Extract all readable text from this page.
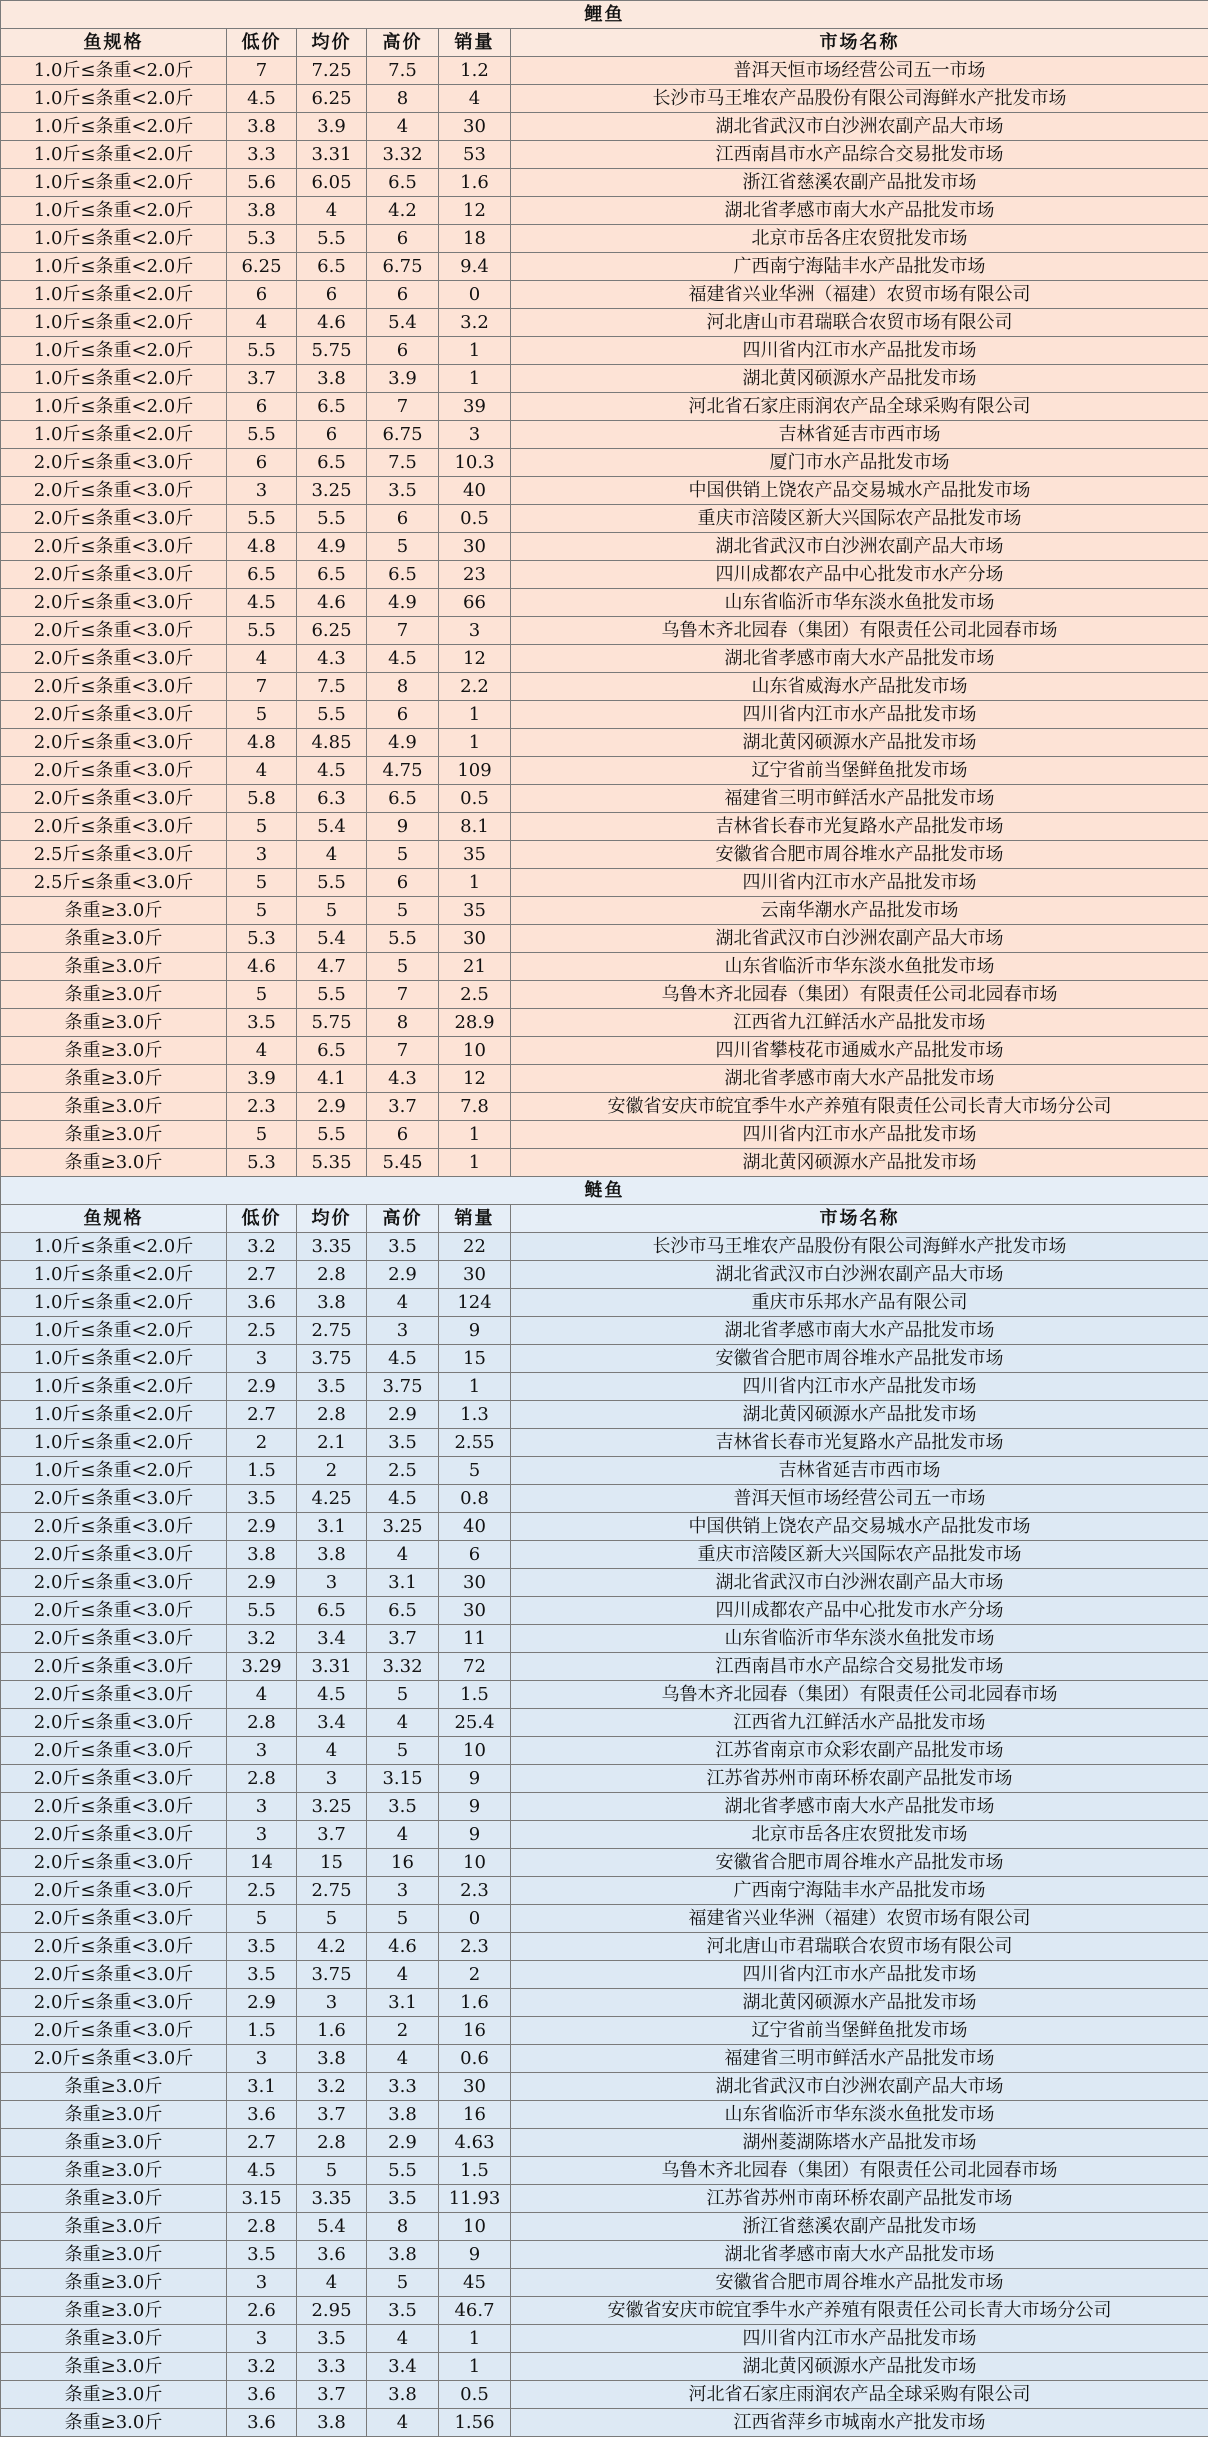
鲤鱼					
鱼规格	低价	均价	高价	销量	市场名称
1.0斤≤条重<2.0斤	7	7.25	7.5	1.2	普洱天恒市场经营公司五一市场
1.0斤≤条重<2.0斤	4.5	6.25	8	4	长沙市马王堆农产品股份有限公司海鲜水产批发市场
1.0斤≤条重<2.0斤	3.8	3.9	4	30	湖北省武汉市白沙洲农副产品大市场
1.0斤≤条重<2.0斤	3.3	3.31	3.32	53	江西南昌市水产品综合交易批发市场
1.0斤≤条重<2.0斤	5.6	6.05	6.5	1.6	浙江省慈溪农副产品批发市场
1.0斤≤条重<2.0斤	3.8	4	4.2	12	湖北省孝感市南大水产品批发市场
1.0斤≤条重<2.0斤	5.3	5.5	6	18	北京市岳各庄农贸批发市场
1.0斤≤条重<2.0斤	6.25	6.5	6.75	9.4	广西南宁海陆丰水产品批发市场
1.0斤≤条重<2.0斤	6	6	6	0	福建省兴业华洲（福建）农贸市场有限公司
1.0斤≤条重<2.0斤	4	4.6	5.4	3.2	河北唐山市君瑞联合农贸市场有限公司
1.0斤≤条重<2.0斤	5.5	5.75	6	1	四川省内江市水产品批发市场
1.0斤≤条重<2.0斤	3.7	3.8	3.9	1	湖北黄冈硕源水产品批发市场
1.0斤≤条重<2.0斤	6	6.5	7	39	河北省石家庄雨润农产品全球采购有限公司
1.0斤≤条重<2.0斤	5.5	6	6.75	3	吉林省延吉市西市场
2.0斤≤条重<3.0斤	6	6.5	7.5	10.3	厦门市水产品批发市场
2.0斤≤条重<3.0斤	3	3.25	3.5	40	中国供销上饶农产品交易城水产品批发市场
2.0斤≤条重<3.0斤	5.5	5.5	6	0.5	重庆市涪陵区新大兴国际农产品批发市场
2.0斤≤条重<3.0斤	4.8	4.9	5	30	湖北省武汉市白沙洲农副产品大市场
2.0斤≤条重<3.0斤	6.5	6.5	6.5	23	四川成都农产品中心批发市水产分场
2.0斤≤条重<3.0斤	4.5	4.6	4.9	66	山东省临沂市华东淡水鱼批发市场
2.0斤≤条重<3.0斤	5.5	6.25	7	3	乌鲁木齐北园春（集团）有限责任公司北园春市场
2.0斤≤条重<3.0斤	4	4.3	4.5	12	湖北省孝感市南大水产品批发市场
2.0斤≤条重<3.0斤	7	7.5	8	2.2	山东省威海水产品批发市场
2.0斤≤条重<3.0斤	5	5.5	6	1	四川省内江市水产品批发市场
2.0斤≤条重<3.0斤	4.8	4.85	4.9	1	湖北黄冈硕源水产品批发市场
2.0斤≤条重<3.0斤	4	4.5	4.75	109	辽宁省前当堡鲜鱼批发市场
2.0斤≤条重<3.0斤	5.8	6.3	6.5	0.5	福建省三明市鲜活水产品批发市场
2.0斤≤条重<3.0斤	5	5.4	9	8.1	吉林省长春市光复路水产品批发市场
2.5斤≤条重<3.0斤	3	4	5	35	安徽省合肥市周谷堆水产品批发市场
2.5斤≤条重<3.0斤	5	5.5	6	1	四川省内江市水产品批发市场
条重≥3.0斤	5	5	5	35	云南华潮水产品批发市场
条重≥3.0斤	5.3	5.4	5.5	30	湖北省武汉市白沙洲农副产品大市场
条重≥3.0斤	4.6	4.7	5	21	山东省临沂市华东淡水鱼批发市场
条重≥3.0斤	5	5.5	7	2.5	乌鲁木齐北园春（集团）有限责任公司北园春市场
条重≥3.0斤	3.5	5.75	8	28.9	江西省九江鲜活水产品批发市场
条重≥3.0斤	4	6.5	7	10	四川省攀枝花市通威水产品批发市场
条重≥3.0斤	3.9	4.1	4.3	12	湖北省孝感市南大水产品批发市场
条重≥3.0斤	2.3	2.9	3.7	7.8	安徽省安庆市皖宜季牛水产养殖有限责任公司长青大市场分公司
条重≥3.0斤	5	5.5	6	1	四川省内江市水产品批发市场
条重≥3.0斤	5.3	5.35	5.45	1	湖北黄冈硕源水产品批发市场
鲢鱼					
鱼规格	低价	均价	高价	销量	市场名称
1.0斤≤条重<2.0斤	3.2	3.35	3.5	22	长沙市马王堆农产品股份有限公司海鲜水产批发市场
1.0斤≤条重<2.0斤	2.7	2.8	2.9	30	湖北省武汉市白沙洲农副产品大市场
1.0斤≤条重<2.0斤	3.6	3.8	4	124	重庆市乐邦水产品有限公司
1.0斤≤条重<2.0斤	2.5	2.75	3	9	湖北省孝感市南大水产品批发市场
1.0斤≤条重<2.0斤	3	3.75	4.5	15	安徽省合肥市周谷堆水产品批发市场
1.0斤≤条重<2.0斤	2.9	3.5	3.75	1	四川省内江市水产品批发市场
1.0斤≤条重<2.0斤	2.7	2.8	2.9	1.3	湖北黄冈硕源水产品批发市场
1.0斤≤条重<2.0斤	2	2.1	3.5	2.55	吉林省长春市光复路水产品批发市场
1.0斤≤条重<2.0斤	1.5	2	2.5	5	吉林省延吉市西市场
2.0斤≤条重<3.0斤	3.5	4.25	4.5	0.8	普洱天恒市场经营公司五一市场
2.0斤≤条重<3.0斤	2.9	3.1	3.25	40	中国供销上饶农产品交易城水产品批发市场
2.0斤≤条重<3.0斤	3.8	3.8	4	6	重庆市涪陵区新大兴国际农产品批发市场
2.0斤≤条重<3.0斤	2.9	3	3.1	30	湖北省武汉市白沙洲农副产品大市场
2.0斤≤条重<3.0斤	5.5	6.5	6.5	30	四川成都农产品中心批发市水产分场
2.0斤≤条重<3.0斤	3.2	3.4	3.7	11	山东省临沂市华东淡水鱼批发市场
2.0斤≤条重<3.0斤	3.29	3.31	3.32	72	江西南昌市水产品综合交易批发市场
2.0斤≤条重<3.0斤	4	4.5	5	1.5	乌鲁木齐北园春（集团）有限责任公司北园春市场
2.0斤≤条重<3.0斤	2.8	3.4	4	25.4	江西省九江鲜活水产品批发市场
2.0斤≤条重<3.0斤	3	4	5	10	江苏省南京市众彩农副产品批发市场
2.0斤≤条重<3.0斤	2.8	3	3.15	9	江苏省苏州市南环桥农副产品批发市场
2.0斤≤条重<3.0斤	3	3.25	3.5	9	湖北省孝感市南大水产品批发市场
2.0斤≤条重<3.0斤	3	3.7	4	9	北京市岳各庄农贸批发市场
2.0斤≤条重<3.0斤	14	15	16	10	安徽省合肥市周谷堆水产品批发市场
2.0斤≤条重<3.0斤	2.5	2.75	3	2.3	广西南宁海陆丰水产品批发市场
2.0斤≤条重<3.0斤	5	5	5	0	福建省兴业华洲（福建）农贸市场有限公司
2.0斤≤条重<3.0斤	3.5	4.2	4.6	2.3	河北唐山市君瑞联合农贸市场有限公司
2.0斤≤条重<3.0斤	3.5	3.75	4	2	四川省内江市水产品批发市场
2.0斤≤条重<3.0斤	2.9	3	3.1	1.6	湖北黄冈硕源水产品批发市场
2.0斤≤条重<3.0斤	1.5	1.6	2	16	辽宁省前当堡鲜鱼批发市场
2.0斤≤条重<3.0斤	3	3.8	4	0.6	福建省三明市鲜活水产品批发市场
条重≥3.0斤	3.1	3.2	3.3	30	湖北省武汉市白沙洲农副产品大市场
条重≥3.0斤	3.6	3.7	3.8	16	山东省临沂市华东淡水鱼批发市场
条重≥3.0斤	2.7	2.8	2.9	4.63	湖州菱湖陈塔水产品批发市场
条重≥3.0斤	4.5	5	5.5	1.5	乌鲁木齐北园春（集团）有限责任公司北园春市场
条重≥3.0斤	3.15	3.35	3.5	11.93	江苏省苏州市南环桥农副产品批发市场
条重≥3.0斤	2.8	5.4	8	10	浙江省慈溪农副产品批发市场
条重≥3.0斤	3.5	3.6	3.8	9	湖北省孝感市南大水产品批发市场
条重≥3.0斤	3	4	5	45	安徽省合肥市周谷堆水产品批发市场
条重≥3.0斤	2.6	2.95	3.5	46.7	安徽省安庆市皖宜季牛水产养殖有限责任公司长青大市场分公司
条重≥3.0斤	3	3.5	4	1	四川省内江市水产品批发市场
条重≥3.0斤	3.2	3.3	3.4	1	湖北黄冈硕源水产品批发市场
条重≥3.0斤	3.6	3.7	3.8	0.5	河北省石家庄雨润农产品全球采购有限公司
条重≥3.0斤	3.6	3.8	4	1.56	江西省萍乡市城南水产批发市场
